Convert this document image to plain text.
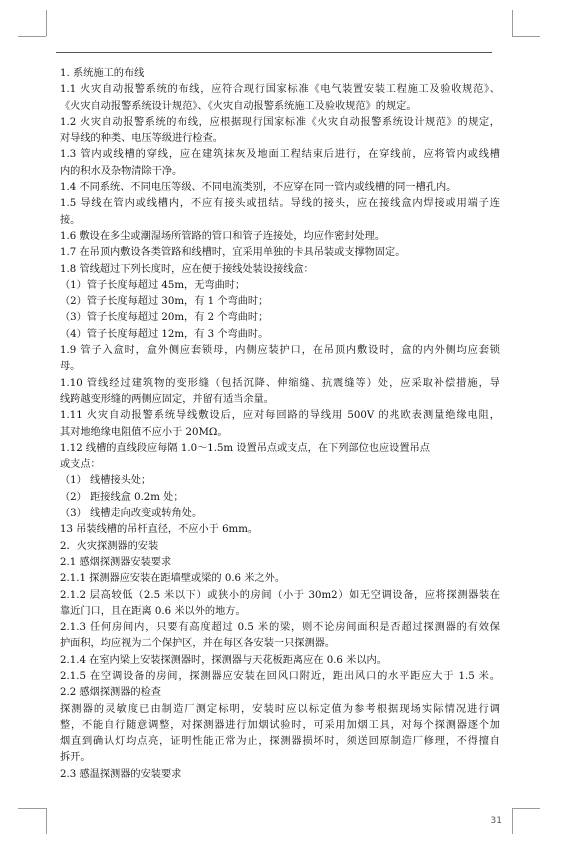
1. 系统施工的布线
1.1 火灾自动报警系统的布线，应符合现行国家标准《电气装置安装工程施工及验收规范》、
《火灾自动报警系统设计规范》、《火灾自动报警系统施工及验收规范》的规定。
1.2 火灾自动报警系统的布线，应根据现行国家标准《火灾自动报警系统设计规范》的规定，
对导线的种类、电压等级进行检查。
1.3 管内或线槽的穿线，应在建筑抹灰及地面工程结束后进行，在穿线前，应将管内或线槽
内的积水及杂物清除干净。
1.4 不同系统、不同电压等级、不同电流类别，不应穿在同一管内或线槽的同一槽孔内。
1.5 导线在管内或线槽内，不应有接头或扭结。导线的接头，应在接线盒内焊接或用端子连
接。
1.6 敷设在多尘或潮湿场所管路的管口和管子连接处，均应作密封处理。
1.7 在吊顶内敷设各类管路和线槽时，宜采用单独的卡具吊装或支撑物固定。
1.8 管线超过下列长度时，应在便于接线处装设接线盒：
（1）管子长度每超过 45m，无弯曲时；
（2）管子长度每超过 30m，有 1 个弯曲时；
（3）管子长度每超过 20m，有 2 个弯曲时；
（4）管子长度每超过 12m，有 3 个弯曲时。
1.9 管子入盒时，盒外侧应套锁母，内侧应装护口，在吊顶内敷设时，盒的内外侧均应套锁
母。
1.10 管线经过建筑物的变形缝（包括沉降、伸缩缝、抗震缝等）处，应采取补偿措施，导
线跨越变形缝的两侧应固定，并留有适当余量。
1.11 火灾自动报警系统导线敷设后，应对每回路的导线用 500V 的兆欧表测量绝缘电阻，
其对地绝缘电阻值不应小于 20MΩ。
1.12 线槽的直线段应每隔 1.0～1.5m 设置吊点或支点，在下列部位也应设置吊点
或支点：
（1） 线槽接头处；
（2） 距接线盒 0.2m 处；
（3） 线槽走向改变或转角处。
13 吊装线槽的吊杆直径，不应小于 6mm。
2．火灾探测器的安装
2.1 感烟探测器安装要求
2.1.1 探测器应安装在距墙壁或梁的 0.6 米之外。
2.1.2 层高较低（2.5 米以下）或狭小的房间（小于 30m2）如无空调设备，应将探测器装在
靠近门口，且在距离 0.6 米以外的地方。
2.1.3 任何房间内，只要有高度超过 0.5 米的梁，则不论房间面积是否超过探测器的有效保
护面积，均应视为二个保护区，并在每区各安装一只探测器。
2.1.4 在室内梁上安装探测器时，探测器与天花板距离应在 0.6 米以内。
2.1.5 在空调设备的房间，探测器应安装在回风口附近，距出风口的水平距应大于 1.5 米。
2.2 感烟探测器的检查
探测器的灵敏度已由制造厂测定标明，安装时应以标定值为参考根据现场实际情况进行调
整，不能自行随意调整，对探测器进行加烟试验时，可采用加烟工具，对每个探测器逐个加
烟直到确认灯均点亮，证明性能正常为止，探测器损坏时，须送回原制造厂修理，不得擅自
拆开。
2.3 感温探测器的安装要求
31
